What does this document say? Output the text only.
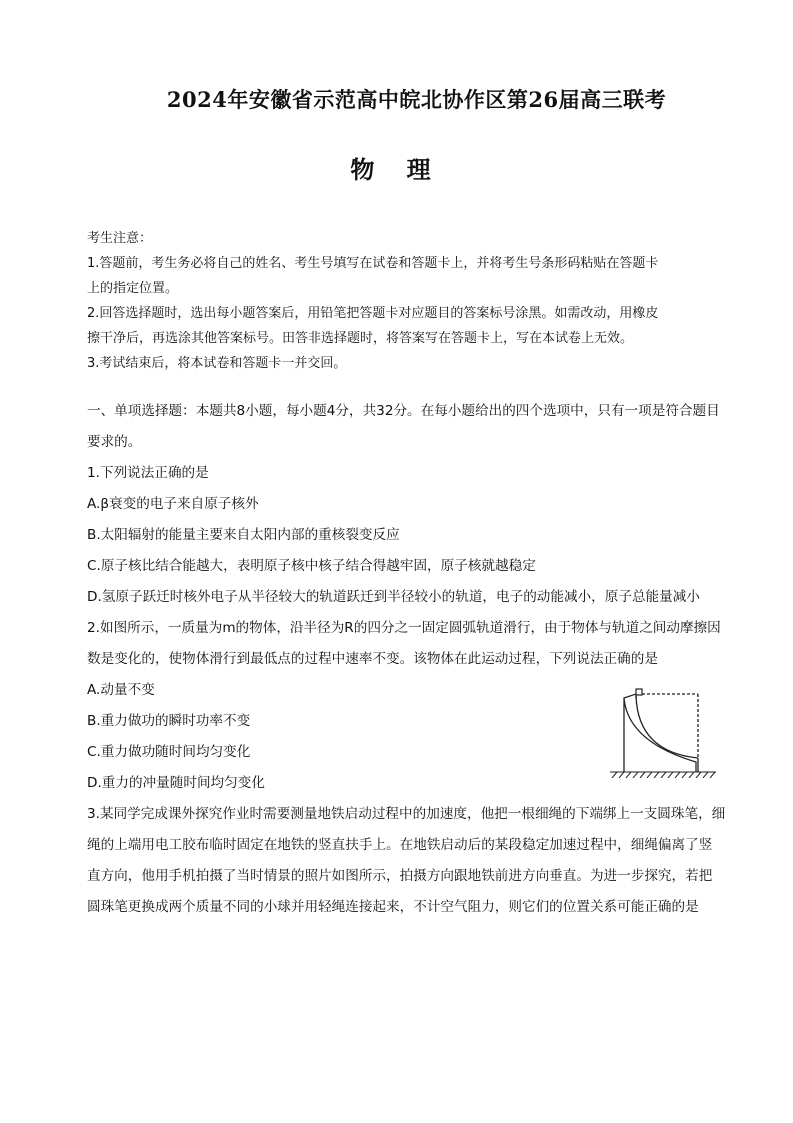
2024年安徽省示范高中皖北协作区第26届高三联考
物 理
考生注意：
1.答题前，考生务必将自己的姓名、考生号填写在试卷和答题卡上，并将考生号条形码粘贴在答题卡
上的指定位置。
2.回答选择题时，选出每小题答案后，用铅笔把答题卡对应题目的答案标号涂黑。如需改动，用橡皮
擦干净后，再选涂其他答案标号。田答非选择题时，将答案写在答题卡上，写在本试卷上无效。
3.考试结束后，将本试卷和答题卡一并交回。
一、单项选择题：本题共8小题，每小题4分，共32分。在每小题给出的四个选项中，只有一项是符合题目
要求的。
1.下列说法正确的是
A.β衰变的电子来自原子核外
B.太阳辐射的能量主要来自太阳内部的重核裂变反应
C.原子核比结合能越大，表明原子核中核子结合得越牢固，原子核就越稳定
D.氢原子跃迁时核外电子从半径较大的轨道跃迁到半径较小的轨道，电子的动能减小，原子总能量减小
2.如图所示，一质量为m的物体，沿半径为R的四分之一固定圆弧轨道滑行，由于物体与轨道之间动摩擦因
数是变化的，使物体滑行到最低点的过程中速率不变。该物体在此运动过程，下列说法正确的是
A.动量不变
B.重力做功的瞬时功率不变
C.重力做功随时间均匀变化
D.重力的冲量随时间均匀变化
3.某同学完成课外探究作业时需要测量地铁启动过程中的加速度，他把一根细绳的下端绑上一支圆珠笔，细
绳的上端用电工胶布临时固定在地铁的竖直扶手上。在地铁启动后的某段稳定加速过程中，细绳偏离了竖
直方向，他用手机拍摄了当时情景的照片如图所示，拍摄方向跟地铁前进方向垂直。为进一步探究，若把
圆珠笔更换成两个质量不同的小球并用轻绳连接起来，不计空气阻力，则它们的位置关系可能正确的是
